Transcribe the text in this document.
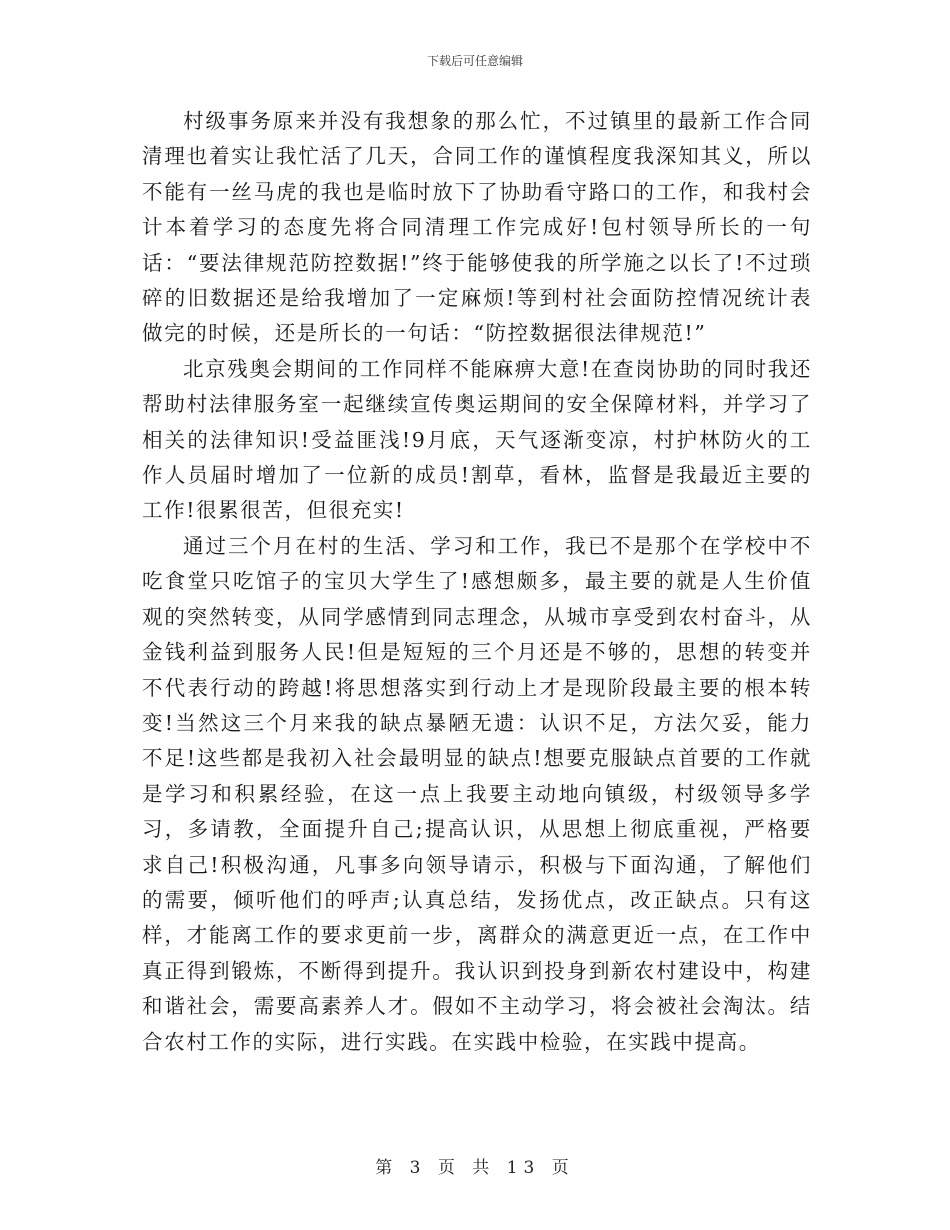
下载后可任意编辑

村级事务原来并没有我想象的那么忙，不过镇里的最新工作合同清理也着实让我忙活了几天，合同工作的谨慎程度我深知其义，所以不能有一丝马虎的我也是临时放下了协助看守路口的工作，和我村会计本着学习的态度先将合同清理工作完成好!包村领导所长的一句话：“要法律规范防控数据!”终于能够使我的所学施之以长了!不过琐碎的旧数据还是给我增加了一定麻烦!等到村社会面防控情况统计表做完的时候，还是所长的一句话：“防控数据很法律规范!”

北京残奥会期间的工作同样不能麻痹大意!在查岗协助的同时我还帮助村法律服务室一起继续宣传奥运期间的安全保障材料，并学习了相关的法律知识!受益匪浅!9月底，天气逐渐变凉，村护林防火的工作人员届时增加了一位新的成员!割草，看林，监督是我最近主要的工作!很累很苦，但很充实!

通过三个月在村的生活、学习和工作，我已不是那个在学校中不吃食堂只吃馆子的宝贝大学生了!感想颇多，最主要的就是人生价值观的突然转变，从同学感情到同志理念，从城市享受到农村奋斗，从金钱利益到服务人民!但是短短的三个月还是不够的，思想的转变并不代表行动的跨越!将思想落实到行动上才是现阶段最主要的根本转变!当然这三个月来我的缺点暴陋无遗：认识不足，方法欠妥，能力不足!这些都是我初入社会最明显的缺点!想要克服缺点首要的工作就是学习和积累经验，在这一点上我要主动地向镇级，村级领导多学习，多请教，全面提升自己;提高认识，从思想上彻底重视，严格要求自己!积极沟通，凡事多向领导请示，积极与下面沟通，了解他们的需要，倾听他们的呼声;认真总结，发扬优点，改正缺点。只有这样，才能离工作的要求更前一步，离群众的满意更近一点，在工作中真正得到锻炼，不断得到提升。我认识到投身到新农村建设中，构建和谐社会，需要高素养人才。假如不主动学习，将会被社会淘汰。结合农村工作的实际，进行实践。在实践中检验，在实践中提高。

第 3 页 共 13 页
